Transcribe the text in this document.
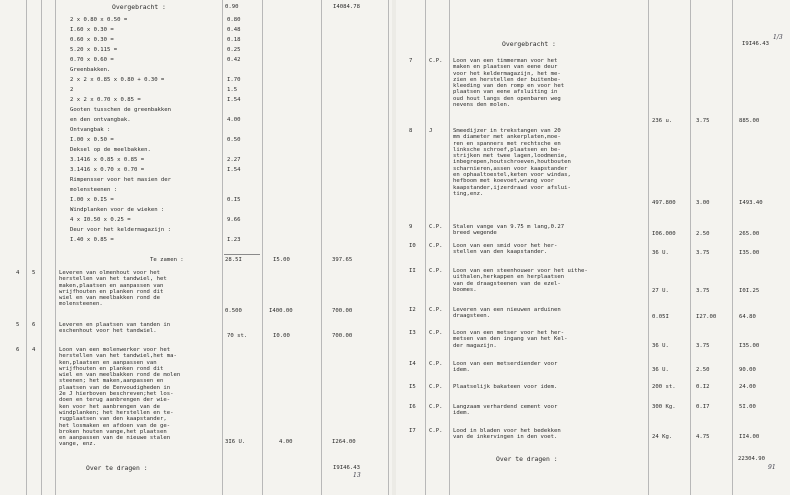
Overgebracht :	0.90	I4084.78
2 x 0.80 x 0.50 =	0.80
I.60 x 0.30 =	0.48
0.60 x 0.30 =	0.18
5.20 x 0.115 =	0.25
0.70 x 0.60 =	0.42
Greenbakken.
2 x 2 x 0.85 x 0.80 + 0.30 =	I.70
2	1.5
2 x 2 x 0.70 x 0.85 =	I.54
Gooten tusschen de greenbakken
en den ontvangbak.	4.00
Ontvangbak :
I.00 x 0.50 =	0.50
Deksel op de meelbakken.
3.1416 x 0.85 x 0.85 =	2.27
3.1416 x 0.70 x 0.70 =	I.54
Rimpensser voor het masien der
molensteenen :
I.00 x 0.I5 =	0.I5
Windplanken voor de wieken :
4 x I0.50 x 0.25 =	9.66
Deur voor het keldermagazijn :
I.40 x 0.85 =	I.23
Te zamen :	28.5I	I5.00	397.65
4 5	Leveren van olmenhout voor het
herstellen van het tandwiel, het
maken,plaatsen en aanpassen van
wrijfhouten en planken rond dit
wiel en van meelbakken rond de
molensteenen.
0.500	I400.00	700.00
5 6	Leveren en plaatsen van tanden in
eschenhout voor het tandwiel.
70 st.	I0.00	700.00
6 4	Loon van een molenwerker voor het
herstellen van het tandwiel,het ma-
ken,plaatsen en aanpassen van
wrijfhouten en planken rond dit
wiel en van meelbakken rond de molen
steenen; het maken,aanpassen en
plaatsen van de Eenvoudigheden in
2e J hierboven beschreven;het los-
doen en terug aanbrengen der wie-
ken voor het aanbrengen van de
windplanken; het herstellen en te-
rugplaatsen van den kaapstander,
het losmaken en afdoen van de ge-
broken houten vange,het plaatsen
en aanpassen van de nieuwe stalen
vange, enz.	3I6 U.	4.00	I264.00
Over te dragen :	I9I46.43
13
Overgebracht :	I9I46.43
1/3
7	C.P. Loon van een timmerman voor het
maken en plaatsen van eene deur
voor het keldermagazijn, het me-
zien en herstellen der buitenbe-
kleeding van den romp en voor het
plaatsen van eene afsluiting in
oud hout langs den openbaren weg
nevens den molen.
236 u.	3.75	885.00
8	J	Smeedijzer in trekstangen van 20
mm diameter met ankerplaten,moe-
ren en spanners met rechtsche en
linksche schroef,plaatsen en be-
strijken met twee lagen,loodmenie,
inbegrepen,houtschroeven,houtbouten
scharnieren,assen voor kaapstander
en ophaaltoestel,keten voor windas,
hefboom met koevoet,wrang voor
kaapstander,ijzerdraad voor afslui-
ting,enz.
497.800	3.00	I493.40
9	C.P. Stalen vange van 9.75 m lang,0.27
breed wegende	I06.000	2.50	265.00
I0 C.P. Loon van een smid voor het her-
stellen van den kaapstander.	36 U.	3.75	I35.00
II C.P. Loon van een steenhouwer voor het uithe-
uithalen,herkappen en herplaatsen
van de draagsteenen van de ezel-
boomes.	27 U.	3.75	I0I.25
I2 C.P. Leveren van een nieuwen arduinen
draagsteen.	0.05I	I27.00	64.80
I3 C.P. Loon van een metser voor het her-
metsen van den ingang van het Kel-
der magazijn.	36 U.	3.75	I35.00
I4 C.P. Loon van een metserdiender voor
idem.	36 U.	2.50	90.00
I5 C.P. Plaatselijk bakateen voor idem.	200 st.	0.I2	24.00
I6 C.P. Langzaam verhardend cement voor
idem.
300 Kg.	0.I7	5I.00
I7 C.P. Lood in bladen voor het bedekken
van de inkervingen in den voet.	24 Kg.	4.75	II4.00
Over te dragen :	22304.90
91
